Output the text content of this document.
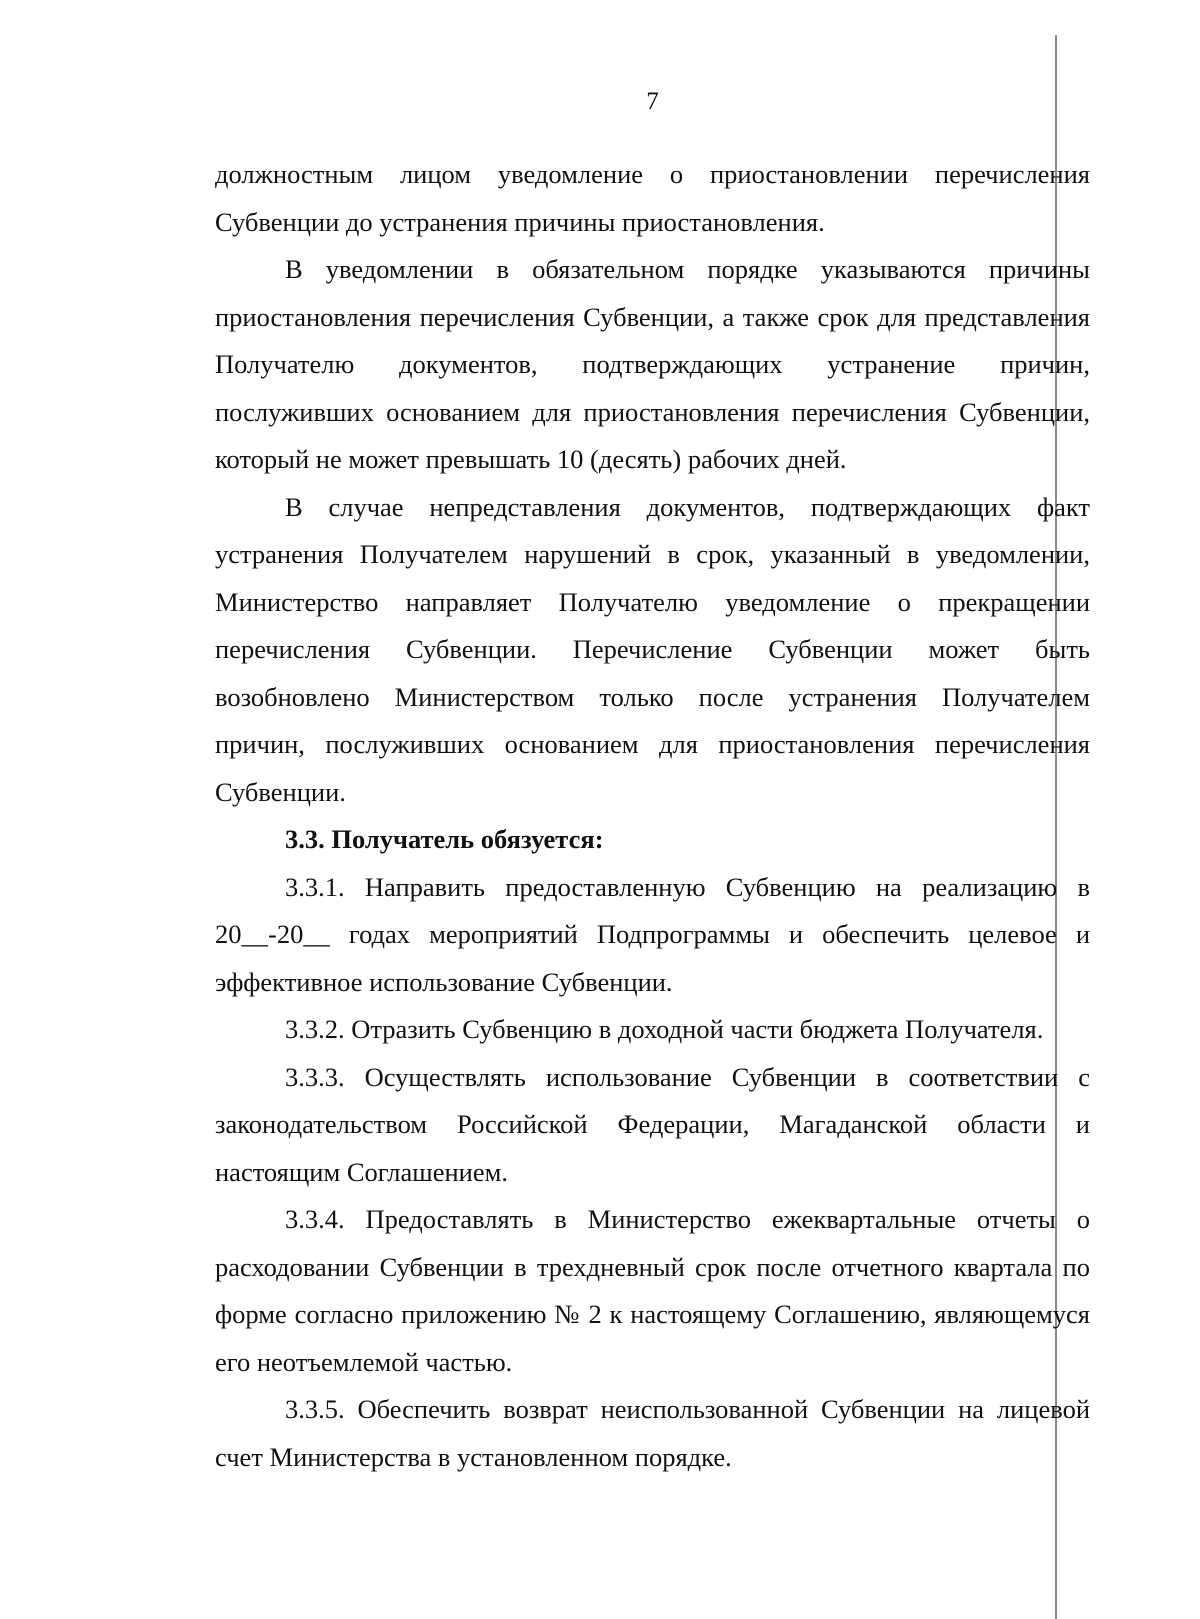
7

должностным лицом уведомление о приостановлении перечисления Субвенции до устранения причины приостановления.

В уведомлении в обязательном порядке указываются причины приостановления перечисления Субвенции, а также срок для представления Получателю документов, подтверждающих устранение причин, послуживших основанием для приостановления перечисления Субвенции, который не может превышать 10 (десять) рабочих дней.

В случае непредставления документов, подтверждающих факт устранения Получателем нарушений в срок, указанный в уведомлении, Министерство направляет Получателю уведомление о прекращении перечисления Субвенции. Перечисление Субвенции может быть возобновлено Министерством только после устранения Получателем причин, послуживших основанием для приостановления перечисления Субвенции.

3.3. Получатель обязуется:

3.3.1. Направить предоставленную Субвенцию на реализацию в 20__-20__ годах мероприятий Подпрограммы и обеспечить целевое и эффективное использование Субвенции.

3.3.2. Отразить Субвенцию в доходной части бюджета Получателя.

3.3.3. Осуществлять использование Субвенции в соответствии с законодательством Российской Федерации, Магаданской области и настоящим Соглашением.

3.3.4. Предоставлять в Министерство ежеквартальные отчеты о расходовании Субвенции в трехдневный срок после отчетного квартала по форме согласно приложению № 2 к настоящему Соглашению, являющемуся его неотъемлемой частью.

3.3.5. Обеспечить возврат неиспользованной Субвенции на лицевой счет Министерства в установленном порядке.
